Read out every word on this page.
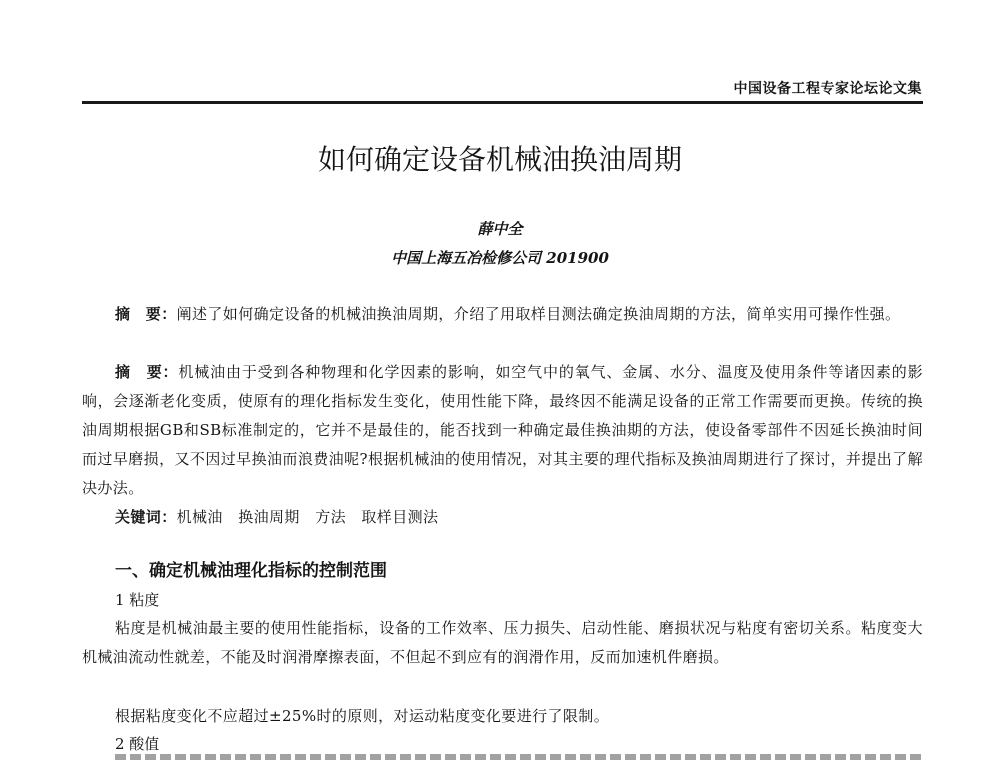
中国设备工程专家论坛论文集
如何确定设备机械油换油周期
薛中全
中国上海五冶检修公司 201900
摘　要：阐述了如何确定设备的机械油换油周期，介绍了用取样目测法确定换油周期的方法，简单实用可操作性强。
摘　要：机械油由于受到各种物理和化学因素的影响，如空气中的氧气、金属、水分、温度及使用条件等诸因素的影响，会逐渐老化变质，使原有的理化指标发生变化，使用性能下降，最终因不能满足设备的正常工作需要而更换。传统的换油周期根据GB和SB标准制定的，它并不是最佳的，能否找到一种确定最佳换油期的方法，使设备零部件不因延长换油时间而过早磨损，又不因过早换油而浪费油呢?根据机械油的使用情况，对其主要的理代指标及换油周期进行了探讨，并提出了解决办法。
关键词：机械油　换油周期　方法　取样目测法
一、确定机械油理化指标的控制范围
1 粘度
粘度是机械油最主要的使用性能指标，设备的工作效率、压力损失、启动性能、磨损状况与粘度有密切关系。粘度变大机械油流动性就差，不能及时润滑摩擦表面，不但起不到应有的润滑作用，反而加速机件磨损。
根据粘度变化不应超过±25%时的原则，对运动粘度变化要进行了限制。
2 酸值
